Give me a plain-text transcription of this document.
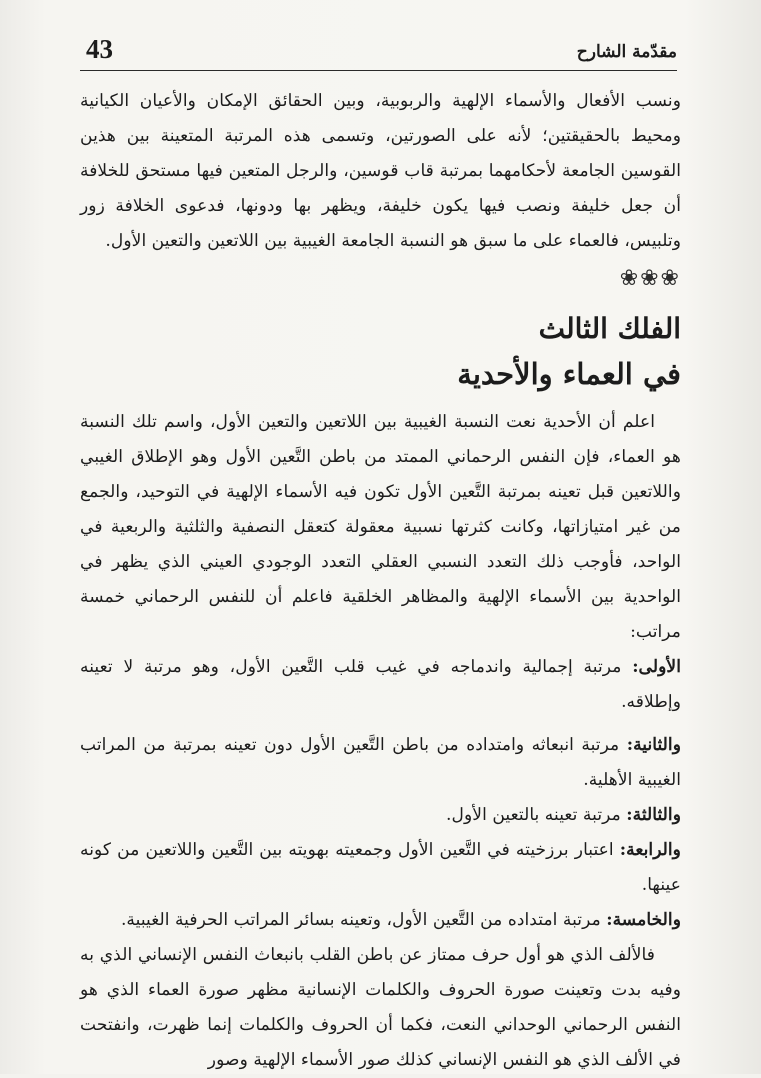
43	مقدّمة الشارح

ونسب الأفعال والأسماء الإلهية والربوبية، وبين الحقائق الإمكان والأعيان الكيانية ومحيط بالحقيقتين؛ لأنه على الصورتين، وتسمى هذه المرتبة المتعينة بين هذين القوسين الجامعة لأحكامهما بمرتبة قاب قوسين، والرجل المتعين فيها مستحق للخلافة أن جعل خليفة ونصب فيها يكون خليفة، ويظهر بها ودونها، فدعوى الخلافة زور وتلبيس، فالعماء على ما سبق هو النسبة الجامعة الغيبية بين اللاتعين والتعين الأول.

❀❀❀
الفلك الثالث
في العماء والأحدية

اعلم أن الأحدية نعت النسبة الغيبية بين اللاتعين والتعين الأول، واسم تلك النسبة هو العماء، فإن النفس الرحماني الممتد من باطن التَّعين الأول وهو الإطلاق الغيبي واللاتعين قبل تعينه بمرتبة التَّعين الأول تكون فيه الأسماء الإلهية في التوحيد، والجمع من غير امتيازاتها، وكانت كثرتها نسبية معقولة كتعقل النصفية والثلثية والربعية في الواحد، فأوجب ذلك التعدد النسبي العقلي التعدد الوجودي العيني الذي يظهر في الواحدية بين الأسماء الإلهية والمظاهر الخلقية فاعلم أن للنفس الرحماني خمسة مراتب:

الأولى: مرتبة إجمالية واندماجه في غيب قلب التَّعين الأول، وهو مرتبة لا تعينه وإطلاقه.

والثانية: مرتبة انبعاثه وامتداده من باطن التَّعين الأول دون تعينه بمرتبة من المراتب الغيبية الأهلية.

والثالثة: مرتبة تعينه بالتعين الأول.

والرابعة: اعتبار برزخيته في التَّعين الأول وجمعيته بهويته بين التَّعين واللاتعين من كونه عينها.

والخامسة: مرتبة امتداده من التَّعين الأول، وتعينه بسائر المراتب الحرفية الغيبية.

فالألف الذي هو أول حرف ممتاز عن باطن القلب بانبعاث النفس الإنساني الذي به وفيه بدت وتعينت صورة الحروف والكلمات الإنسانية مظهر صورة العماء الذي هو النفس الرحماني الوحداني النعت، فكما أن الحروف والكلمات إنما ظهرت، وانفتحت في الألف الذي هو النفس الإنساني كذلك صور الأسماء الإلهية وصور
